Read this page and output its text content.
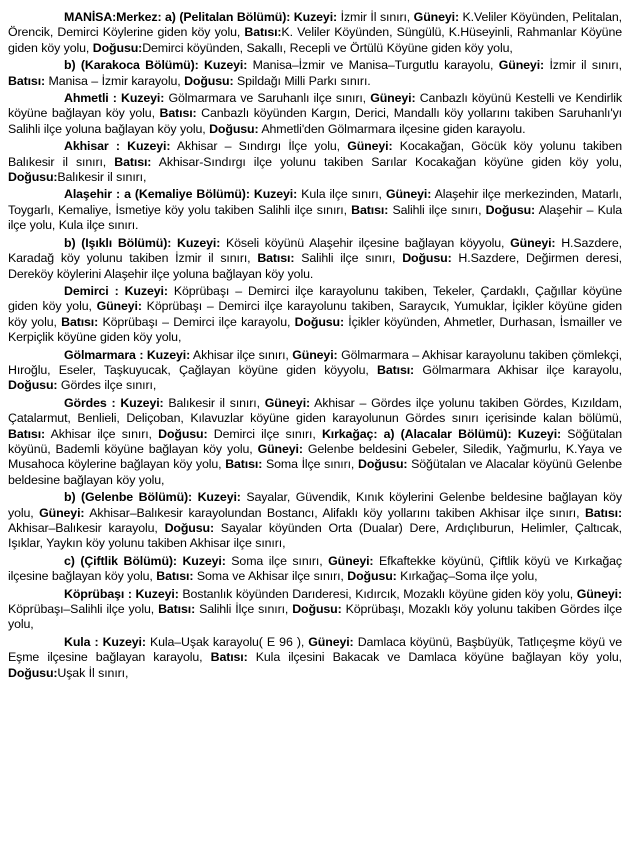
MANİSA:Merkez: a) (Pelitalan Bölümü): Kuzeyi: İzmir İl sınırı, Güneyi: K.Veliler Köyünden, Pelitalan, Örencik, Demirci Köylerine giden köy yolu, Batısı:K. Veliler Köyünden, Süngülü, K.Hüseyinli, Rahmanlar Köyüne giden köy yolu, Doğusu:Demirci köyünden, Sakallı, Recepli ve Örtülü Köyüne giden köy yolu,

b) (Karakoca Bölümü): Kuzeyi: Manisa–İzmir ve Manisa–Turgutlu karayolu, Güneyi: İzmir il sınırı, Batısı: Manisa – İzmir karayolu, Doğusu: Spildağı Milli Parkı sınırı.

Ahmetli : Kuzeyi: Gölmarmara ve Saruhanlı ilçe sınırı, Güneyi: Canbazlı köyünü Kestelli ve Kendirlik köyüne bağlayan köy yolu, Batısı: Canbazlı köyünden Kargın, Derici, Mandallı köy yollarını takiben Saruhanlı'yı Salihli ilçe yoluna bağlayan köy yolu, Doğusu: Ahmetli'den Gölmarmara ilçesine giden karayolu.

Akhisar : Kuzeyi: Akhisar – Sındırgı İlçe yolu, Güneyi: Kocakağan, Göcük köy yolunu takiben Balıkesir il sınırı, Batısı: Akhisar-Sındırgı ilçe yolunu takiben Sarılar Kocakağan köyüne giden köy yolu, Doğusu:Balıkesir il sınırı,

Alaşehir : a (Kemaliye Bölümü): Kuzeyi: Kula ilçe sınırı, Güneyi: Alaşehir ilçe merkezinden, Matarlı, Toygarlı, Kemaliye, İsmetiye köy yolu takiben Salihli ilçe sınırı, Batısı: Salihli ilçe sınırı, Doğusu: Alaşehir – Kula ilçe yolu, Kula ilçe sınırı.

b) (Işıklı Bölümü): Kuzeyi: Köseli köyünü Alaşehir ilçesine bağlayan köyyolu, Güneyi: H.Sazdere, Karadağ köy yolunu takiben İzmir il sınırı, Batısı: Salihli ilçe sınırı, Doğusu: H.Sazdere, Değirmen deresi, Dereköy köylerini Alaşehir ilçe yoluna bağlayan köy yolu.

Demirci : Kuzeyi: Köprübaşı – Demirci ilçe karayolunu takiben, Tekeler, Çardaklı, Çağıllar köyüne giden köy yolu, Güneyi: Köprübaşı – Demirci ilçe karayolunu takiben, Saraycık, Yumuklar, İçikler köyüne giden köy yolu, Batısı: Köprübaşı – Demirci ilçe karayolu, Doğusu: İçikler köyünden, Ahmetler, Durhasan, İsmailler ve Kerpiçlik köyüne giden köy yolu,

Gölmarmara : Kuzeyi: Akhisar ilçe sınırı, Güneyi: Gölmarmara – Akhisar karayolunu takiben çömlekçi, Hıroğlu, Eseler, Taşkuyucak, Çağlayan köyüne giden köyyolu, Batısı: Gölmarmara Akhisar ilçe karayolu, Doğusu: Gördes ilçe sınırı,

Gördes : Kuzeyi: Balıkesir il sınırı, Güneyi: Akhisar – Gördes ilçe yolunu takiben Gördes, Kızıldam, Çatalarmut, Benlieli, Deliçoban, Kılavuzlar köyüne giden karayolunun Gördes sınırı içerisinde kalan bölümü, Batısı: Akhisar ilçe sınırı, Doğusu: Demirci ilçe sınırı, Kırkağaç: a) (Alacalar Bölümü): Kuzeyi: Söğütalan köyünü, Bademli köyüne bağlayan köy yolu, Güneyi: Gelenbe beldesini Gebeler, Siledik, Yağmurlu, K.Yaya ve Musahoca köylerine bağlayan köy yolu, Batısı: Soma İlçe sınırı, Doğusu: Söğütalan ve Alacalar köyünü Gelenbe beldesine bağlayan köy yolu,

b) (Gelenbe Bölümü): Kuzeyi: Sayalar, Güvendik, Kınık köylerini Gelenbe beldesine bağlayan köy yolu, Güneyi: Akhisar–Balıkesir karayolundan Bostancı, Alifaklı köy yollarını takiben Akhisar ilçe sınırı, Batısı: Akhisar–Balıkesir karayolu, Doğusu: Sayalar köyünden Orta (Dualar) Dere, Ardıçlıburun, Helimler, Çaltıcak, Işıklar, Yaykın köy yolunu takiben Akhisar ilçe sınırı,

c) (Çiftlik Bölümü): Kuzeyi: Soma ilçe sınırı, Güneyi: Efkaftekke köyünü, Çiftlik köyü ve Kırkağaç ilçesine bağlayan köy yolu, Batısı: Soma ve Akhisar ilçe sınırı, Doğusu: Kırkağaç–Soma ilçe yolu,

Köprübaşı : Kuzeyi: Bostanlık köyünden Darıderesi, Kıdırcık, Mozaklı köyüne giden köy yolu, Güneyi: Köprübaşı–Salihli ilçe yolu, Batısı: Salihli İlçe sınırı, Doğusu: Köprübaşı, Mozaklı köy yolunu takiben Gördes ilçe yolu,

Kula : Kuzeyi: Kula–Uşak karayolu( E 96 ), Güneyi: Damlaca köyünü, Başbüyük, Tatlıçeşme köyü ve Eşme ilçesine bağlayan karayolu, Batısı: Kula ilçesini Bakacak ve Damlaca köyüne bağlayan köy yolu, Doğusu:Uşak İl sınırı,
